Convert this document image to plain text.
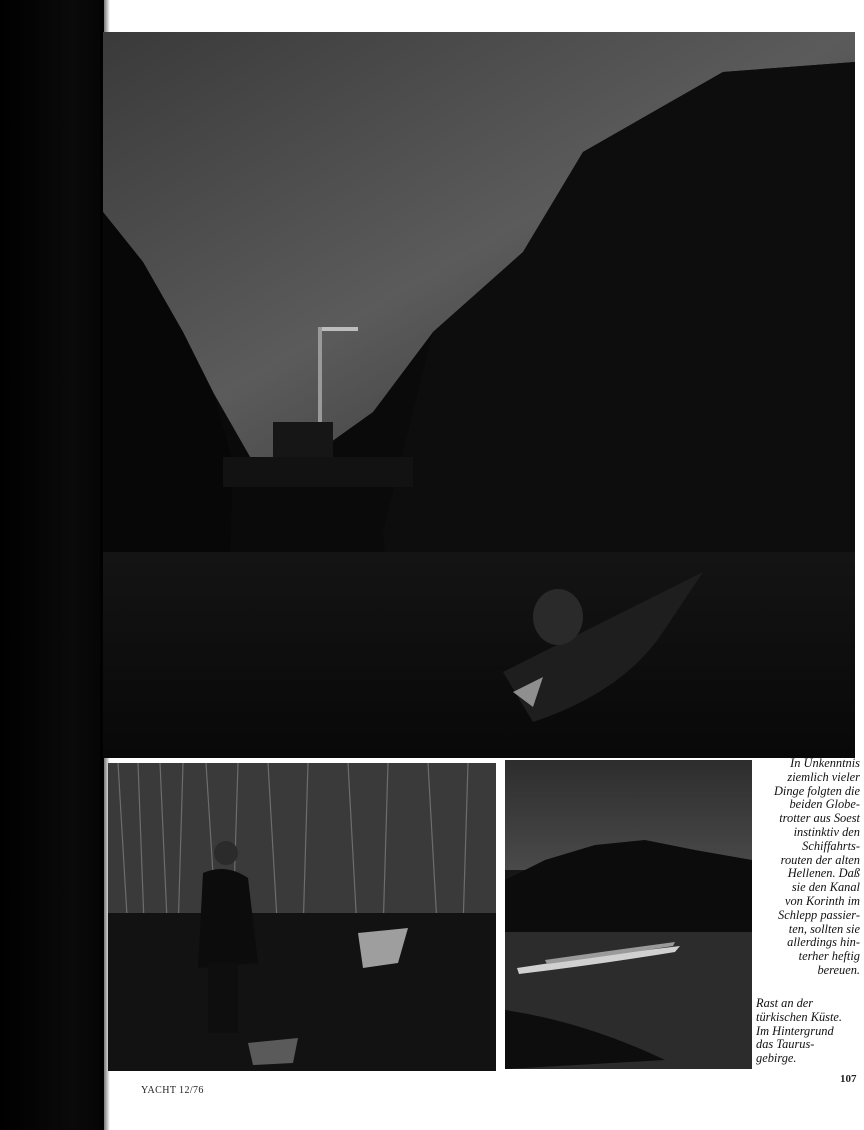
In Unkenntnis
ziemlich vieler
Dinge folgten die
beiden Globe-
trotter aus Soest
instinktiv den
Schiffahrts-
routen der alten
Hellenen. Daß
sie den Kanal
von Korinth im
Schlepp passier-
ten, sollten sie
allerdings hin-
terher heftig
bereuen.
Rast an der
türkischen Küste.
Im Hintergrund
das Taurus-
gebirge.
YACHT 12/76
107
